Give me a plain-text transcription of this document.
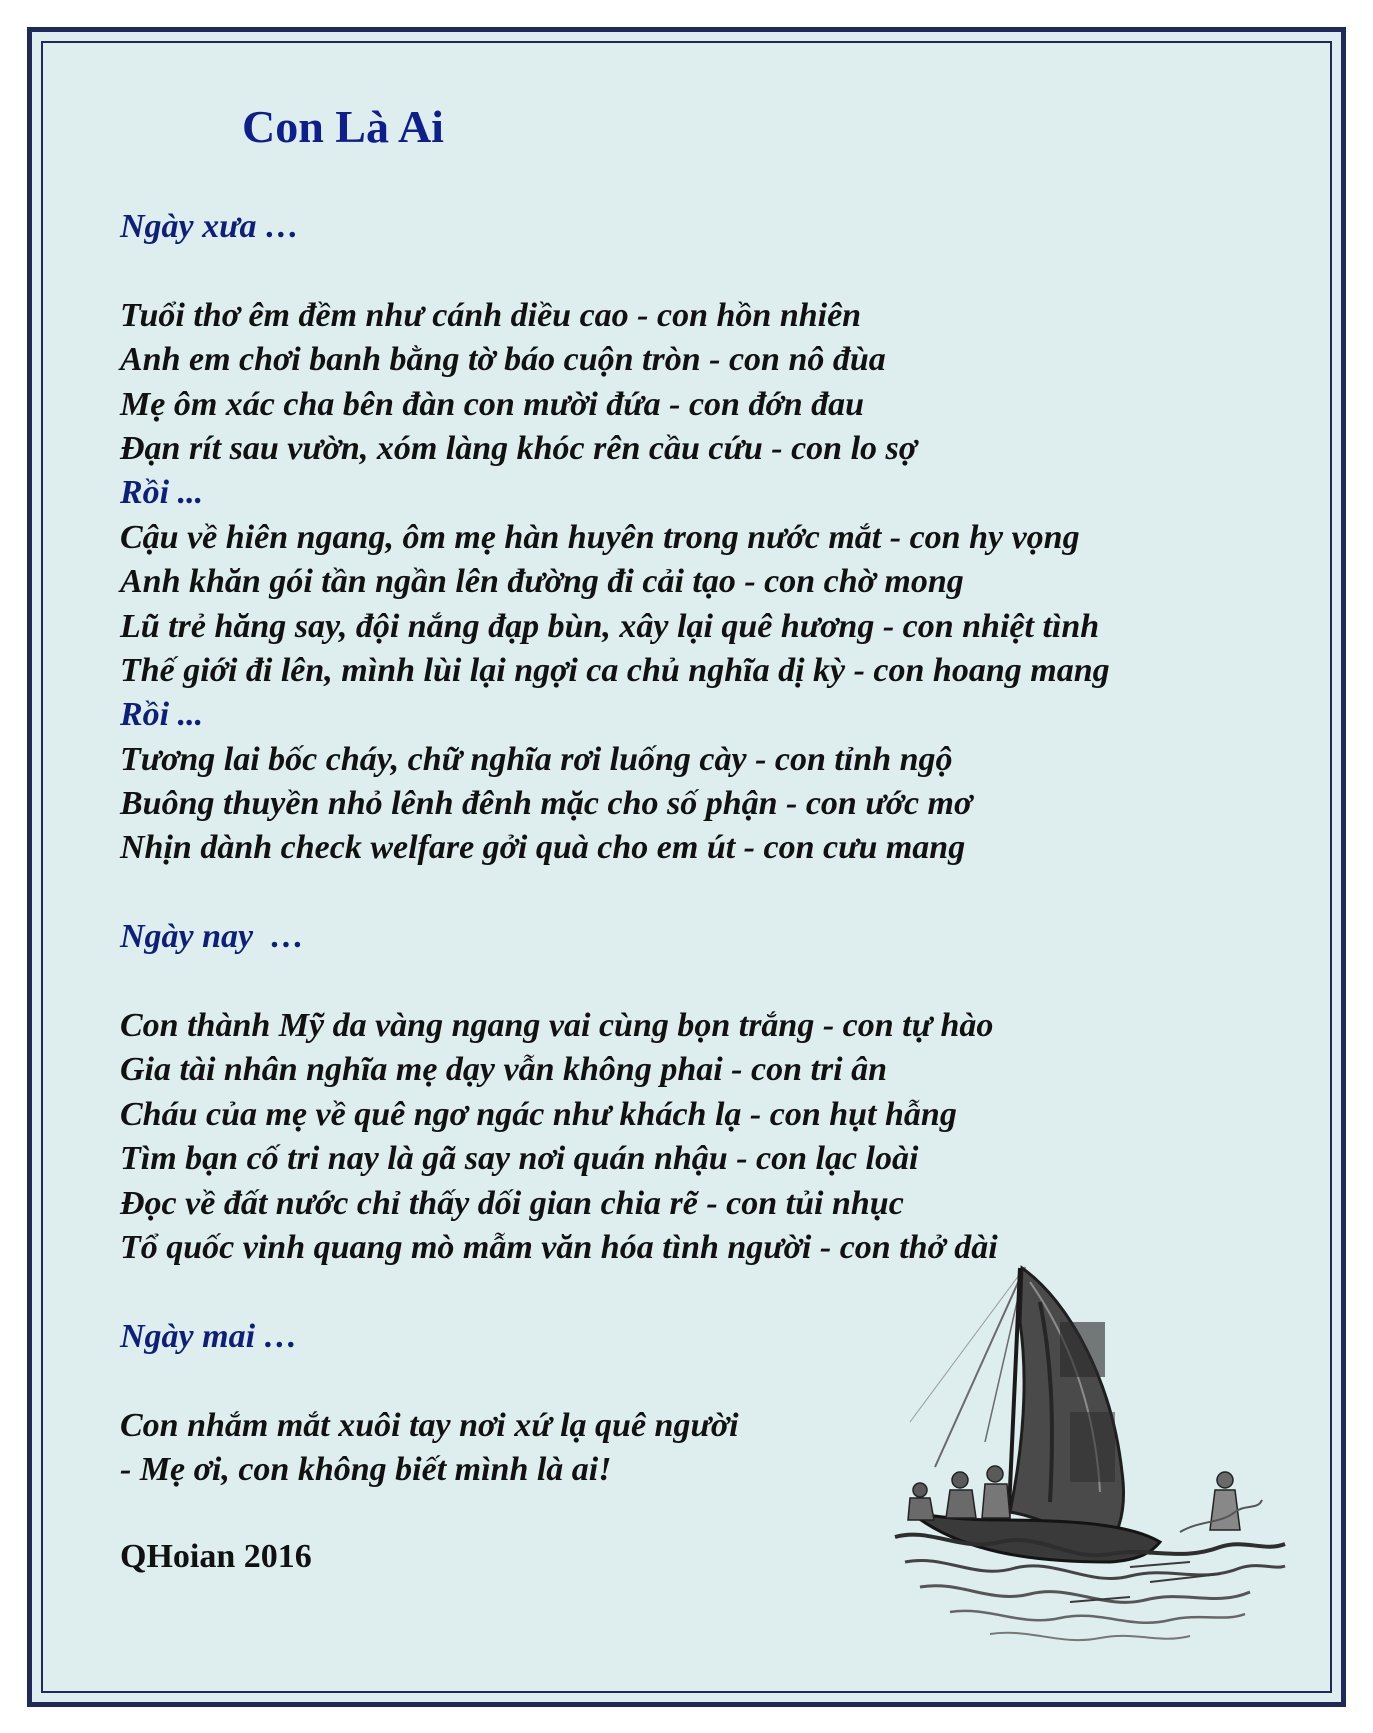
Con Là Ai
Ngày xưa …
Tuổi thơ êm đềm như cánh diều cao - con hồn nhiên
Anh em chơi banh bằng tờ báo cuộn tròn - con nô đùa
Mẹ ôm xác cha bên đàn con mười đứa - con đớn đau
Đạn rít sau vườn, xóm làng khóc rên cầu cứu - con lo sợ
Rồi ...
Cậu về hiên ngang, ôm mẹ hàn huyên trong nước mắt - con hy vọng
Anh khăn gói tần ngần lên đường đi cải tạo - con chờ mong
Lũ trẻ hăng say, đội nắng đạp bùn, xây lại quê hương - con nhiệt tình
Thế giới đi lên, mình lùi lại ngợi ca chủ nghĩa dị kỳ - con hoang mang
Rồi ...
Tương lai bốc cháy, chữ nghĩa rơi luống cày - con tỉnh ngộ
Buông thuyền nhỏ lênh đênh mặc cho số phận - con ước mơ
Nhịn dành check welfare gởi quà cho em út - con cưu mang
Ngày nay  …
Con thành Mỹ da vàng ngang vai cùng bọn trắng - con tự hào
Gia tài nhân nghĩa mẹ dạy vẫn không phai - con tri ân
Cháu của mẹ về quê ngơ ngác như khách lạ - con hụt hẫng
Tìm bạn cố tri nay là gã say nơi quán nhậu - con lạc loài
Đọc về đất nước chỉ thấy dối gian chia rẽ - con tủi nhục
Tổ quốc vinh quang mò mẫm văn hóa tình người - con thở dài
Ngày mai …
Con nhắm mắt xuôi tay nơi xứ lạ quê người
- Mẹ ơi, con không biết mình là ai!
QHoian 2016
